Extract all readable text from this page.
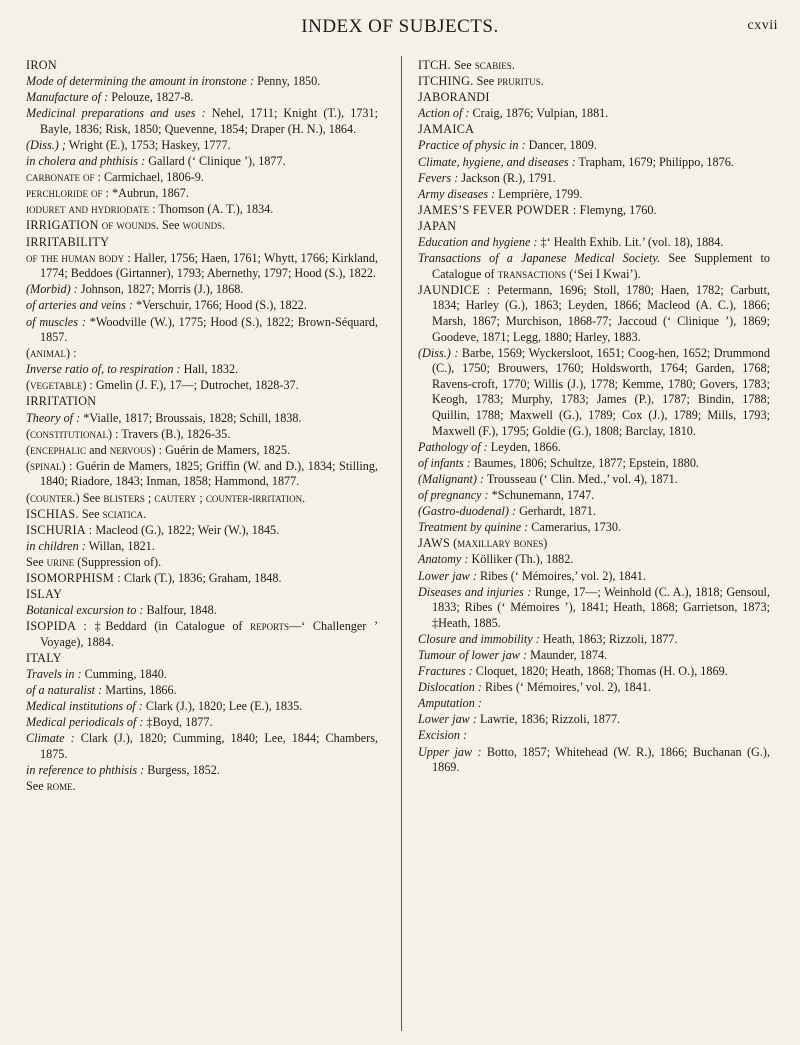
INDEX OF SUBJECTS.	cxvii

IRON

Mode of determining the amount in ironstone : Penny, 1850.

Manufacture of : Pelouze, 1827-8.

Medicinal preparations and uses : Nehel, 1711; Knight (T.), 1731; Bayle, 1836; Risk, 1850; Quevenne, 1854; Draper (H. N.), 1864.

(Diss.) ; Wright (E.), 1753; Haskey, 1777.

in cholera and phthisis : Gallard (‘ Clinique ’), 1877.

carbonate of : Carmichael, 1806-9.

perchloride of : *Aubrun, 1867.

ioduret and hydriodate : Thomson (A. T.), 1834.

IRRIGATION of wounds. See wounds.

IRRITABILITY

of the human body : Haller, 1756; Haen, 1761; Whytt, 1766; Kirkland, 1774; Beddoes (Girtanner), 1793; Abernethy, 1797; Hood (S.), 1822.

(Morbid) : Johnson, 1827; Morris (J.), 1868.

of arteries and veins : *Verschuir, 1766; Hood (S.), 1822.

of muscles : *Woodville (W.), 1775; Hood (S.), 1822; Brown-Séquard, 1857.

(animal) :

Inverse ratio of, to respiration : Hall, 1832.

(vegetable) : Gmelin (J. F.), 17—; Dutrochet, 1828-37.

IRRITATION

Theory of : *Vialle, 1817; Broussais, 1828; Schill, 1838.

(constitutional) : Travers (B.), 1826-35.

(encephalic and nervous) : Guérin de Mamers, 1825.

(spinal) : Guérin de Mamers, 1825; Griffin (W. and D.), 1834; Stilling, 1840; Riadore, 1843; Inman, 1858; Hammond, 1877.

(counter.) See blisters ; cautery ; counter-irritation.

ISCHIAS. See sciatica.

ISCHURIA : Macleod (G.), 1822; Weir (W.), 1845.

in children : Willan, 1821.

See urine (Suppression of).

ISOMORPHISM : Clark (T.), 1836; Graham, 1848.

ISLAY

Botanical excursion to : Balfour, 1848.

ISOPIDA : ‡Beddard (in Catalogue of reports—‘ Challenger ’ Voyage), 1884.

ITALY

Travels in : Cumming, 1840.

of a naturalist : Martins, 1866.

Medical institutions of : Clark (J.), 1820; Lee (E.), 1835.

Medical periodicals of : ‡Boyd, 1877.

Climate : Clark (J.), 1820; Cumming, 1840; Lee, 1844; Chambers, 1875.

in reference to phthisis : Burgess, 1852.

See rome.

ITCH. See scabies.

ITCHING. See pruritus.

JABORANDI

Action of : Craig, 1876; Vulpian, 1881.

JAMAICA

Practice of physic in : Dancer, 1809.

Climate, hygiene, and diseases : Trapham, 1679; Philippo, 1876.

Fevers : Jackson (R.), 1791.

Army diseases : Lemprière, 1799.

JAMES’S FEVER POWDER : Flemyng, 1760.

JAPAN

Education and hygiene : ‡‘ Health Exhib. Lit.’ (vol. 18), 1884.

Transactions of a Japanese Medical Society. See Supplement to Catalogue of transactions (‘Sei I Kwai’).

JAUNDICE : Petermann, 1696; Stoll, 1780; Haen, 1782; Carbutt, 1834; Harley (G.), 1863; Leyden, 1866; Macleod (A. C.), 1866; Marsh, 1867; Murchison, 1868-77; Jaccoud (‘ Clinique ’), 1869; Goodeve, 1871; Legg, 1880; Harley, 1883.

(Diss.) : Barbe, 1569; Wyckersloot, 1651; Coog-hen, 1652; Drummond (C.), 1750; Brouwers, 1760; Holdsworth, 1764; Garden, 1768; Ravens-croft, 1770; Willis (J.), 1778; Kemme, 1780; Govers, 1783; Keogh, 1783; Murphy, 1783; James (P.), 1787; Bindin, 1788; Quillin, 1788; Maxwell (G.), 1789; Cox (J.), 1789; Mills, 1793; Maxwell (F.), 1795; Goldie (G.), 1808; Barclay, 1810.

Pathology of : Leyden, 1866.

of infants : Baumes, 1806; Schultze, 1877; Epstein, 1880.

(Malignant) : Trousseau (‘ Clin. Med.,’ vol. 4), 1871.

of pregnancy : *Schunemann, 1747.

(Gastro-duodenal) : Gerhardt, 1871.

Treatment by quinine : Camerarius, 1730.

JAWS (maxillary bones)

Anatomy : Kölliker (Th.), 1882.

Lower jaw : Ribes (‘ Mémoires,’ vol. 2), 1841.

Diseases and injuries : Runge, 17—; Weinhold (C. A.), 1818; Gensoul, 1833; Ribes (‘ Mémoires ’), 1841; Heath, 1868; Garrietson, 1873; ‡Heath, 1885.

Closure and immobility : Heath, 1863; Rizzoli, 1877.

Tumour of lower jaw : Maunder, 1874.

Fractures : Cloquet, 1820; Heath, 1868; Thomas (H. O.), 1869.

Dislocation : Ribes (‘ Mémoires,’ vol. 2), 1841.

Amputation :

Lower jaw : Lawrie, 1836; Rizzoli, 1877.

Excision :

Upper jaw : Botto, 1857; Whitehead (W. R.), 1866; Buchanan (G.), 1869.
